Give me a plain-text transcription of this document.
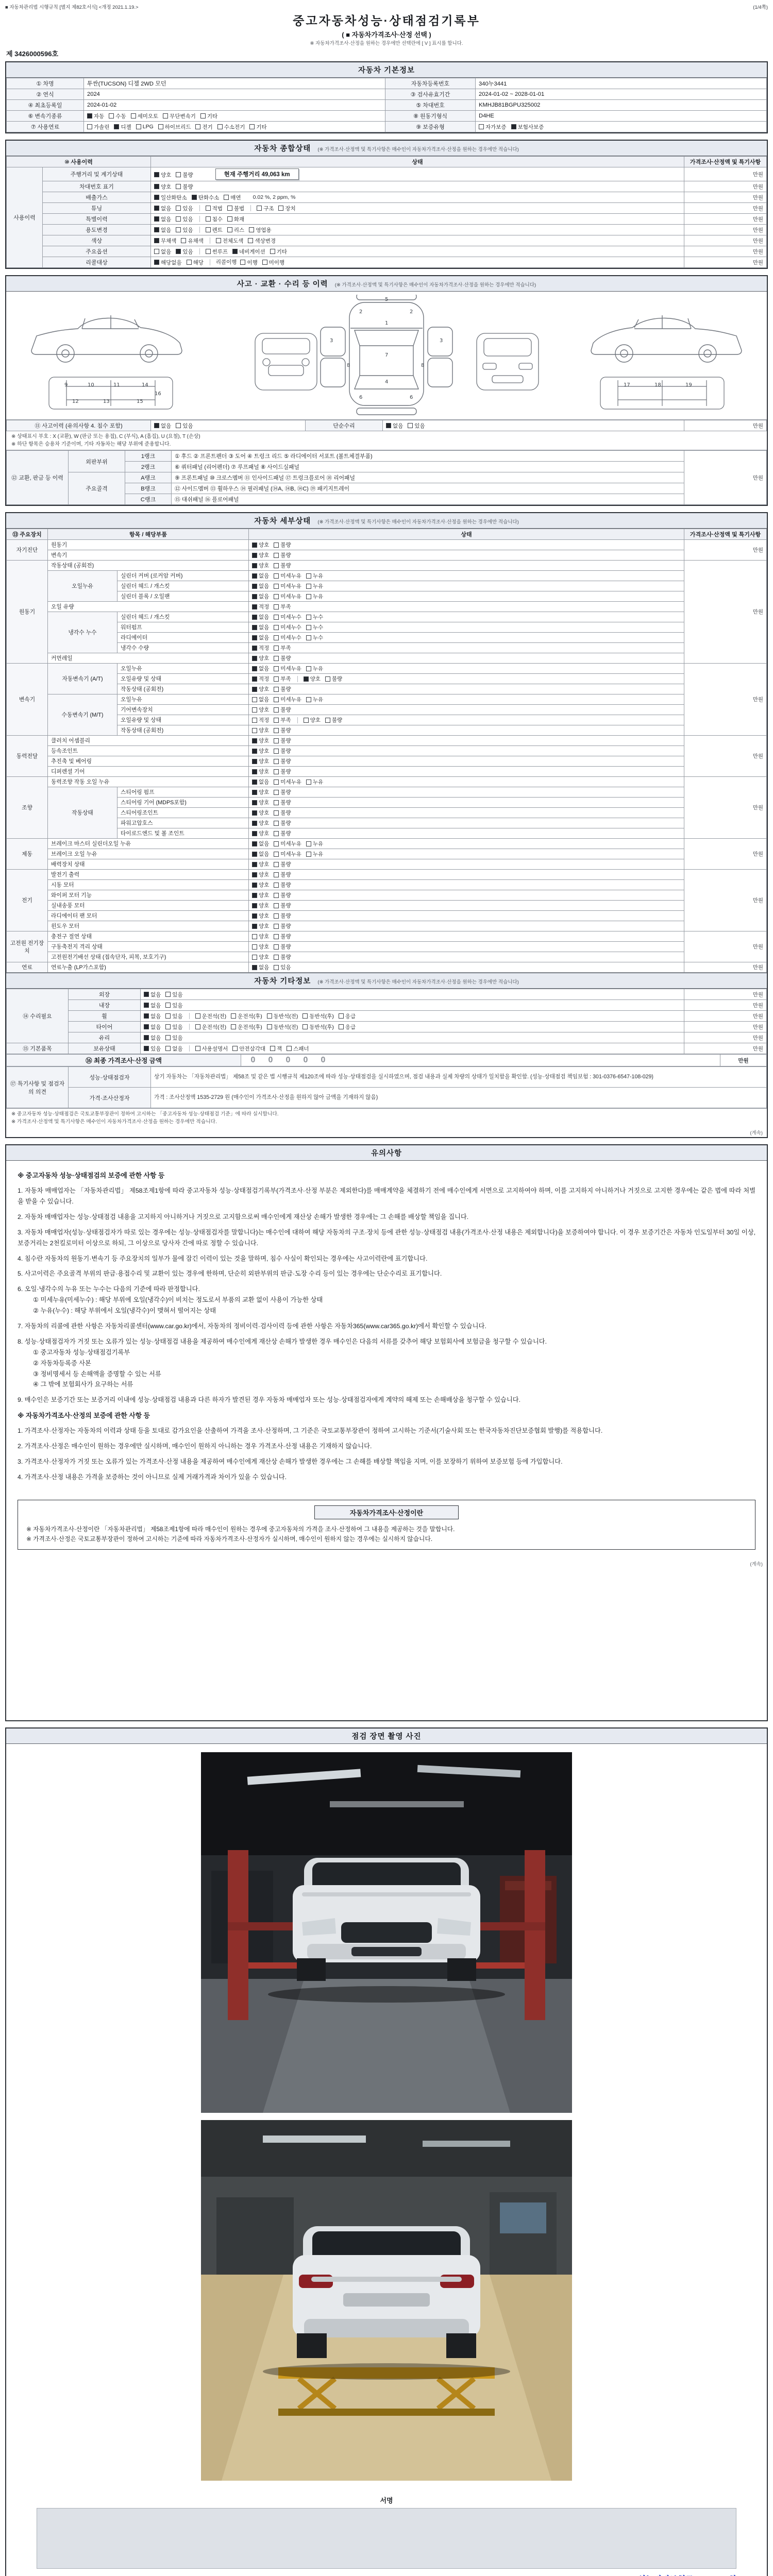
■ 자동차관리법 시행규칙 [별지 제82호서식] <개정 2021.1.19.>	(1/4쪽)
중고자동차성능·상태점검기록부
( ■ 자동차가격조사·산정 선택 )
※ 자동차가격조사·산정을 원하는 경우에만 선택란에 [ V ] 표시를 합니다.
제 3426000596호
자동차 기본정보
① 차명	투싼(TUCSON) 디젤 2WD 모던	자동차등록번호	340누3441
② 연식	2024	③ 검사유효기간	2024-01-02 ~ 2028-01-01
④ 최초등록일	2024-01-02	⑤ 차대번호	KMHJB81BGPU325002
⑥ 변속기종류	자동 수동 세미오토 무단변속기 기타	⑧ 원동기형식	D4HE
⑦ 사용연료	가솔린 디젤 LPG 하이브리드 전기 수소전기 기타	⑨ 보증유형	자가보증 보험사보증
자동차 종합상태 (※ 가격조사·산정액 및 특기사항은 매수인이 자동차가격조사·산정을 원하는 경우에만 적습니다)
⑩ 사용이력		상태	가격조사·산정액 및 특기사항
사용이력	주행거리 및 계기상태	양호 불량 현재 주행거리 49,063 km	만원
	차대번호 표기	양호 불량	만원
	배출가스	일산화탄소 탄화수소 매연 0.02 %, 2 ppm, %	만원
튜닝	없음 있음	적법 불법	구조 장치	만원
	특별이력	없음 있음 침수 화재	만원
	용도변경	없음 있음 렌트 리스 영업용	만원
	색상	무채색 유채색 전체도색 색상변경	만원
	주요옵션	없음 있음 썬루프 네비게이션 기타	만원
	리콜대상	해당없음 해당 리콜이행 이행 미이행	만원
사고 · 교환 · 수리 등 이력 (※ 가격조사·산정액 및 특기사항은 매수인이 자동차가격조사·산정을 원하는 경우에만 적습니다)
1
2	2
3	3
4
5
6	6
7
8	8
9	10	11
12	13
14
15
16
17	18	19
⑪ 사고이력 (유의사항 4. 침수 포함)	없음 있음	단순수리	없음 있음	만원
※ 상태표시 부호 : X (교환), W (판금 또는 용접), C (부식), A (흠집), U (요철), T (손상)
※ 하단 항목은 승용차 기준이며, 기타 자동차는 해당 부위에 준용합니다.
⑫ 교환, 판금 등 이력	외판부위	1랭크	① 후드 ② 프론트펜더 ③ 도어 ④ 트렁크 리드 ⑤ 라디에이터 서포트 (볼트체결부품)	만원
		2랭크	⑥ 쿼터패널 (리어펜더) ⑦ 루프패널 ⑧ 사이드실패널	
	주요골격	A랭크	⑨ 프론트패널 ⑩ 크로스멤버 ⑪ 인사이드패널 ⑰ 트렁크플로어 ⑱ 리어패널	
		B랭크	⑫ 사이드멤버 ⑬ 휠하우스 ⑭ 필러패널 (⑭A, ⑭B, ⑭C) ⑲ 패키지트레이	
		C랭크	⑮ 대쉬패널 ⑯ 플로어패널	
자동차 세부상태 (※ 가격조사·산정액 및 특기사항은 매수인이 자동차가격조사·산정을 원하는 경우에만 적습니다)
⑬ 주요장치	항목 / 해당부품		상태	가격조사·산정액 및 특기사항
자기진단	원동기		양호 불량	만원
	변속기		양호 불량	

원동기	작동상태 (공회전)		양호 불량	만원
	오일누유	실린더 커버 (로커암 커버)	없음 미세누유 누유	

		실린더 헤드 / 개스킷	없음 미세누유 누유	

		실린더 블록 / 오일팬	없음 미세누유 누유	

	오일 유량		적정 부족	

	냉각수 누수	실린더 헤드 / 개스킷	없음 미세누수 누수	

		워터펌프	없음 미세누수 누수	

		라디에이터	없음 미세누수 누수	

		냉각수 수량	적정 부족	

	커먼레일		양호 불량	

변속기	자동변속기 (A/T)	오일누유	없음 미세누유 누유	만원
		오일유량 및 상태	적정 부족 양호 불량	

		작동상태 (공회전)	양호 불량	

	수동변속기 (M/T)	오일누유	없음 미세누유 누유	

		기어변속장치	양호 불량	

		오일유량 및 상태	적정 부족 양호 불량	

		작동상태 (공회전)	양호 불량	

동력전달	클러치 어셈블리		양호 불량	만원
	등속조인트		양호 불량	

	추진축 및 베어링		양호 불량	

	디퍼렌셜 기어		양호 불량	

조향	동력조향 작동 오일 누유		없음 미세누유 누유	만원
	작동상태	스티어링 펌프	양호 불량	

		스티어링 기어 (MDPS포함)	양호 불량	

		스티어링조인트	양호 불량	

		파워고압호스	양호 불량	

		타이로드엔드 및 볼 조인트	양호 불량	

제동	브레이크 마스터 실린더오일 누유		없음 미세누유 누유	만원
	브레이크 오일 누유		없음 미세누유 누유	

	배력장치 상태		양호 불량	

전기	발전기 출력		양호 불량	만원
	시동 모터		양호 불량	

	와이퍼 모터 기능		양호 불량	

	실내송풍 모터		양호 불량	

	라디에이터 팬 모터		양호 불량	

	윈도우 모터		양호 불량	

고전원 전기장치	충전구 절연 상태		양호 불량	만원
	구동축전지 격리 상태		양호 불량	

	고전원전기배선 상태 (접속단자, 피복, 보호기구)		양호 불량	

연료	연료누출 (LP가스포함)		없음 있음	만원
자동차 기타정보 (※ 가격조사·산정액 및 특기사항은 매수인이 자동차가격조사·산정을 원하는 경우에만 적습니다)
⑭ 수리필요	외장	없음 있음	만원
	내장	없음 있음	만원
휠	없음 있음	운전석(전) 운전석(후) 동반석(전) 동반석(후) 응급	만원
타이어	없음 있음	운전석(전) 운전석(후) 동반석(전) 동반석(후) 응급	만원
	유리	없음 있음	만원
⑮ 기본품목	보유상태	있음 없음	사용설명서 안전삼각대 잭 스패너	만원
⑯ 최종 가격조사·산정 금액	0 0 0 0 0	만원
⑰ 특기사항 및 점검자의 의견	성능·상태점검자	상기 자동차는 「자동차관리법」 제58조 및 같은 법 시행규칙 제120조에 따라 성능·상태점검을 실시하였으며, 점검 내용과 실제 차량의 상태가 일치함을 확인함. (성능·상태점검 책임보험 : 301-0376-6547-108-029)
	가격·조사산정자	가격 : 조사산정액 1535-2729 원 (매수인이 가격조사·산정을 원하지 않아 금액을 기재하지 않음)
※ 중고자동차 성능·상태점검은 국토교통부장관이 정하여 고시하는 「중고자동차 성능·상태점검 기준」에 따라 실시합니다.
※ 가격조사·산정액 및 특기사항은 매수인이 자동차가격조사·산정을 원하는 경우에만 적습니다.
(계속)
유의사항
※ 중고자동차 성능·상태점검의 보증에 관한 사항 등
1. 자동차 매매업자는 「자동차관리법」 제58조제1항에 따라 중고자동차 성능·상태점검기록부(가격조사·산정 부분은 제외한다)를 매매계약을 체결하기 전에 매수인에게 서면으로 고지하여야 하며, 이를 고지하지 아니하거나 거짓으로 고지한 경우에는 같은 법에 따라 처벌을 받을 수 있습니다.
2. 자동차 매매업자는 성능·상태점검 내용을 고지하지 아니하거나 거짓으로 고지함으로써 매수인에게 재산상 손해가 발생한 경우에는 그 손해를 배상할 책임을 집니다.
3. 자동차 매매업자(성능·상태점검자가 따로 있는 경우에는 성능·상태점검자를 말합니다)는 매수인에 대하여 해당 자동차의 구조·장치 등에 관한 성능·상태점검 내용(가격조사·산정 내용은 제외합니다)을 보증하여야 합니다. 이 경우 보증기간은 자동차 인도일부터 30일 이상, 보증거리는 2천킬로미터 이상으로 하되, 그 이상으로 당사자 간에 따로 정할 수 있습니다.
4. 침수란 자동차의 원동기·변속기 등 주요장치의 일부가 물에 잠긴 이력이 있는 것을 말하며, 침수 사실이 확인되는 경우에는 사고이력란에 표기합니다.
5. 사고이력은 주요골격 부위의 판금·용접수리 및 교환이 있는 경우에 한하며, 단순히 외판부위의 판금·도장 수리 등이 있는 경우에는 단순수리로 표기합니다.
6. 오일·냉각수의 누유 또는 누수는 다음의 기준에 따라 판정합니다.
① 미세누유(미세누수) : 해당 부위에 오일(냉각수)이 비치는 정도로서 부품의 교환 없이 사용이 가능한 상태
② 누유(누수) : 해당 부위에서 오일(냉각수)이 맺혀서 떨어지는 상태
7. 자동차의 리콜에 관한 사항은 자동차리콜센터(www.car.go.kr)에서, 자동차의 정비이력·검사이력 등에 관한 사항은 자동차365(www.car365.go.kr)에서 확인할 수 있습니다.
8. 성능·상태점검자가 거짓 또는 오류가 있는 성능·상태점검 내용을 제공하여 매수인에게 재산상 손해가 발생한 경우 매수인은 다음의 서류를 갖추어 해당 보험회사에 보험금을 청구할 수 있습니다.
① 중고자동차 성능·상태점검기록부
② 자동차등록증 사본
③ 정비명세서 등 손해액을 증명할 수 있는 서류
④ 그 밖에 보험회사가 요구하는 서류
9. 매수인은 보증기간 또는 보증거리 이내에 성능·상태점검 내용과 다른 하자가 발견된 경우 자동차 매매업자 또는 성능·상태점검자에게 계약의 해제 또는 손해배상을 청구할 수 있습니다.
※ 자동차가격조사·산정의 보증에 관한 사항 등
1. 가격조사·산정자는 자동차의 이력과 상태 등을 토대로 감가요인을 산출하여 가격을 조사·산정하며, 그 기준은 국토교통부장관이 정하여 고시하는 기준서(기술사회 또는 한국자동차진단보증협회 발행)를 적용합니다.
2. 가격조사·산정은 매수인이 원하는 경우에만 실시하며, 매수인이 원하지 아니하는 경우 가격조사·산정 내용은 기재하지 않습니다.
3. 가격조사·산정자가 거짓 또는 오류가 있는 가격조사·산정 내용을 제공하여 매수인에게 재산상 손해가 발생한 경우에는 그 손해를 배상할 책임을 지며, 이를 보장하기 위하여 보증보험 등에 가입합니다.
4. 가격조사·산정 내용은 가격을 보증하는 것이 아니므로 실제 거래가격과 차이가 있을 수 있습니다.
자동차가격조사·산정이란
※ 자동차가격조사·산정이란 「자동차관리법」 제58조제1항에 따라 매수인이 원하는 경우에 중고자동차의 가격을 조사·산정하여 그 내용을 제공하는 것을 말합니다.
※ 가격조사·산정은 국토교통부장관이 정하여 고시하는 기준에 따라 자동차가격조사·산정자가 실시하며, 매수인이 원하지 않는 경우에는 실시하지 않습니다.
(계속)
점검 장면 촬영 사진

서명
